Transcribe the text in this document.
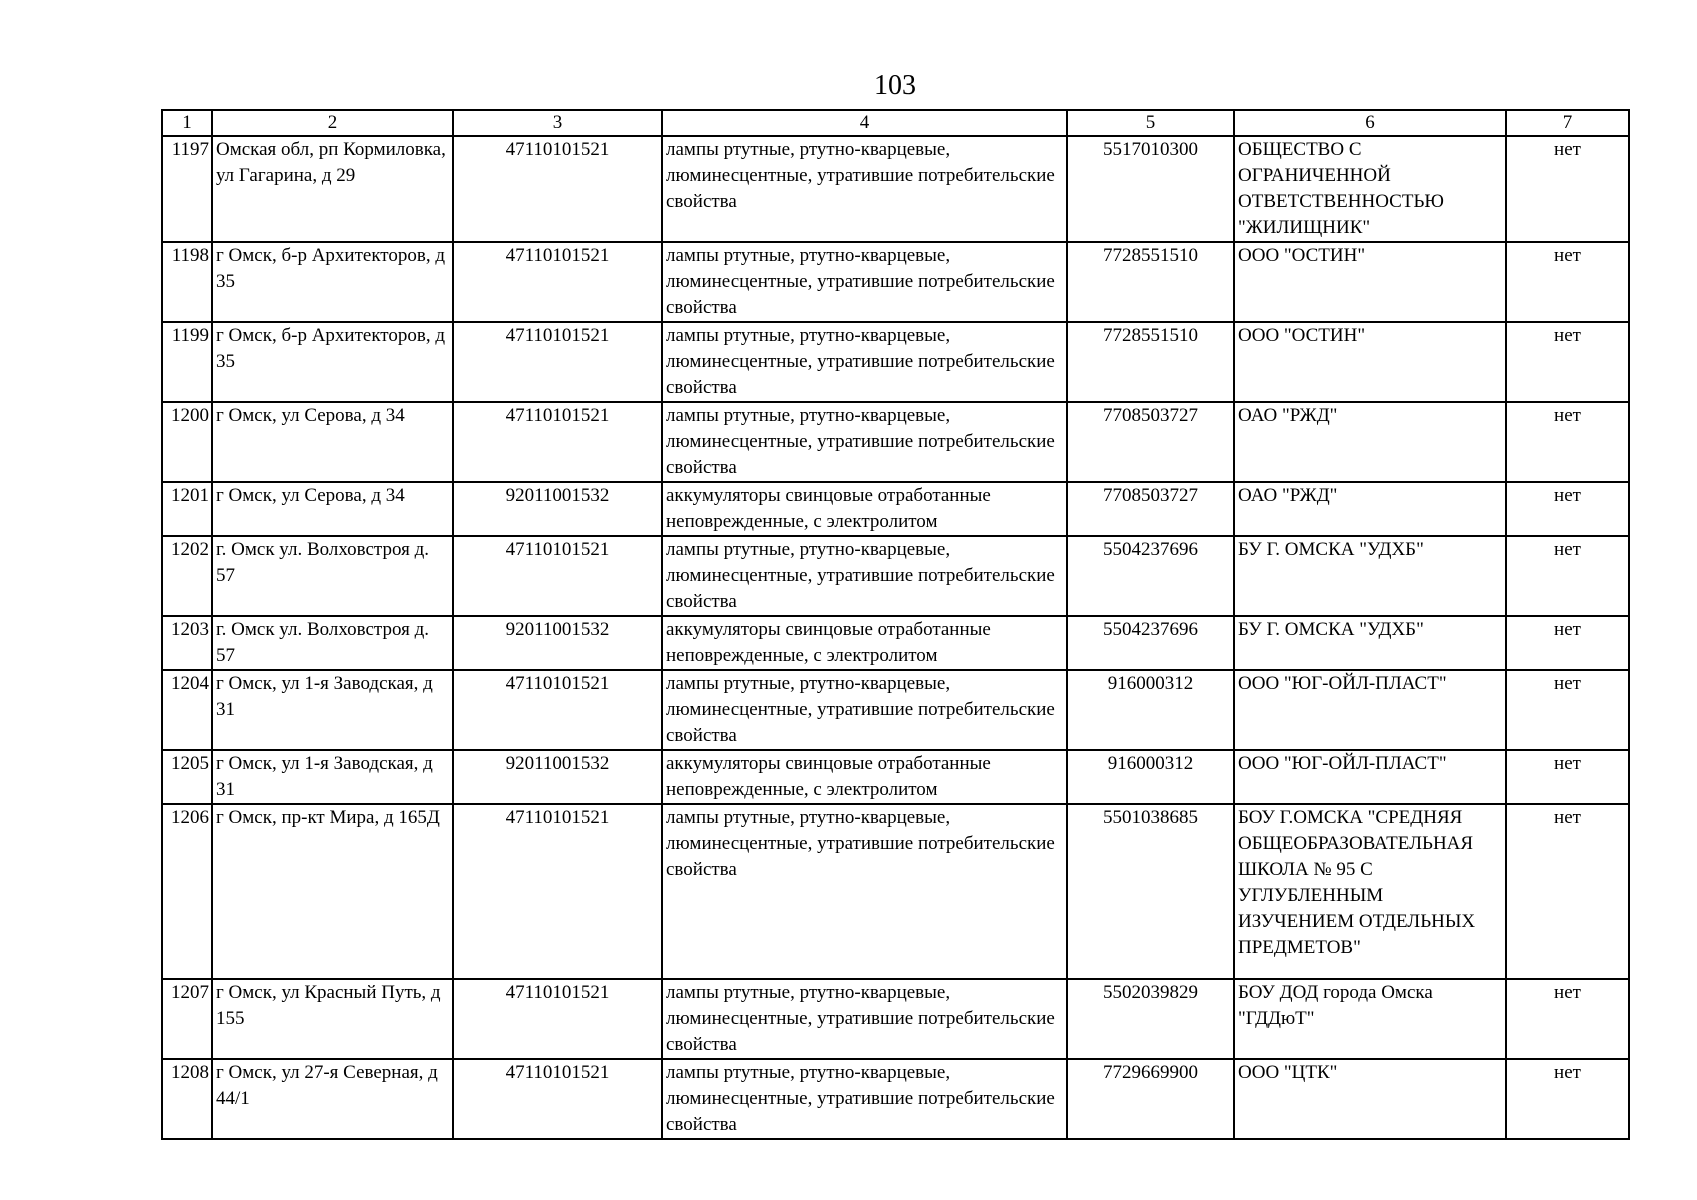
103
1	2	3	4	5	6	7
1197	Омская обл, рп Кормиловка, ул Гагарина, д 29	47110101521	лампы ртутные, ртутно-кварцевые, люминесцентные, утратившие потребительские свойства	5517010300	ОБЩЕСТВО С ОГРАНИЧЕННОЙ ОТВЕТСТВЕННОСТЬЮ "ЖИЛИЩНИК"	нет
1198	г Омск, б-р Архитекторов, д 35	47110101521	лампы ртутные, ртутно-кварцевые, люминесцентные, утратившие потребительские свойства	7728551510	ООО "ОСТИН"	нет
1199	г Омск, б-р Архитекторов, д 35	47110101521	лампы ртутные, ртутно-кварцевые, люминесцентные, утратившие потребительские свойства	7728551510	ООО "ОСТИН"	нет
1200	г Омск, ул Серова, д 34	47110101521	лампы ртутные, ртутно-кварцевые, люминесцентные, утратившие потребительские свойства	7708503727	ОАО "РЖД"	нет
1201	г Омск, ул Серова, д 34	92011001532	аккумуляторы свинцовые отработанные неповрежденные, с электролитом	7708503727	ОАО "РЖД"	нет
1202	г. Омск ул. Волховстроя д. 57	47110101521	лампы ртутные, ртутно-кварцевые, люминесцентные, утратившие потребительские свойства	5504237696	БУ Г. ОМСКА "УДХБ"	нет
1203	г. Омск ул. Волховстроя д. 57	92011001532	аккумуляторы свинцовые отработанные неповрежденные, с электролитом	5504237696	БУ Г. ОМСКА "УДХБ"	нет
1204	г Омск, ул 1-я Заводская, д 31	47110101521	лампы ртутные, ртутно-кварцевые, люминесцентные, утратившие потребительские свойства	916000312	ООО "ЮГ-ОЙЛ-ПЛАСТ"	нет
1205	г Омск, ул 1-я Заводская, д 31	92011001532	аккумуляторы свинцовые отработанные неповрежденные, с электролитом	916000312	ООО "ЮГ-ОЙЛ-ПЛАСТ"	нет
1206	г Омск, пр-кт Мира, д 165Д	47110101521	лампы ртутные, ртутно-кварцевые, люминесцентные, утратившие потребительские свойства	5501038685	БОУ Г.ОМСКА "СРЕДНЯЯ ОБЩЕОБРАЗОВАТЕЛЬНАЯ ШКОЛА № 95 С УГЛУБЛЕННЫМ ИЗУЧЕНИЕМ ОТДЕЛЬНЫХ ПРЕДМЕТОВ"	нет
1207	г Омск, ул Красный Путь, д 155	47110101521	лампы ртутные, ртутно-кварцевые, люминесцентные, утратившие потребительские свойства	5502039829	БОУ ДОД города Омска "ГДДюТ"	нет
1208	г Омск, ул 27-я Северная, д 44/1	47110101521	лампы ртутные, ртутно-кварцевые, люминесцентные, утратившие потребительские свойства	7729669900	ООО "ЦТК"	нет
